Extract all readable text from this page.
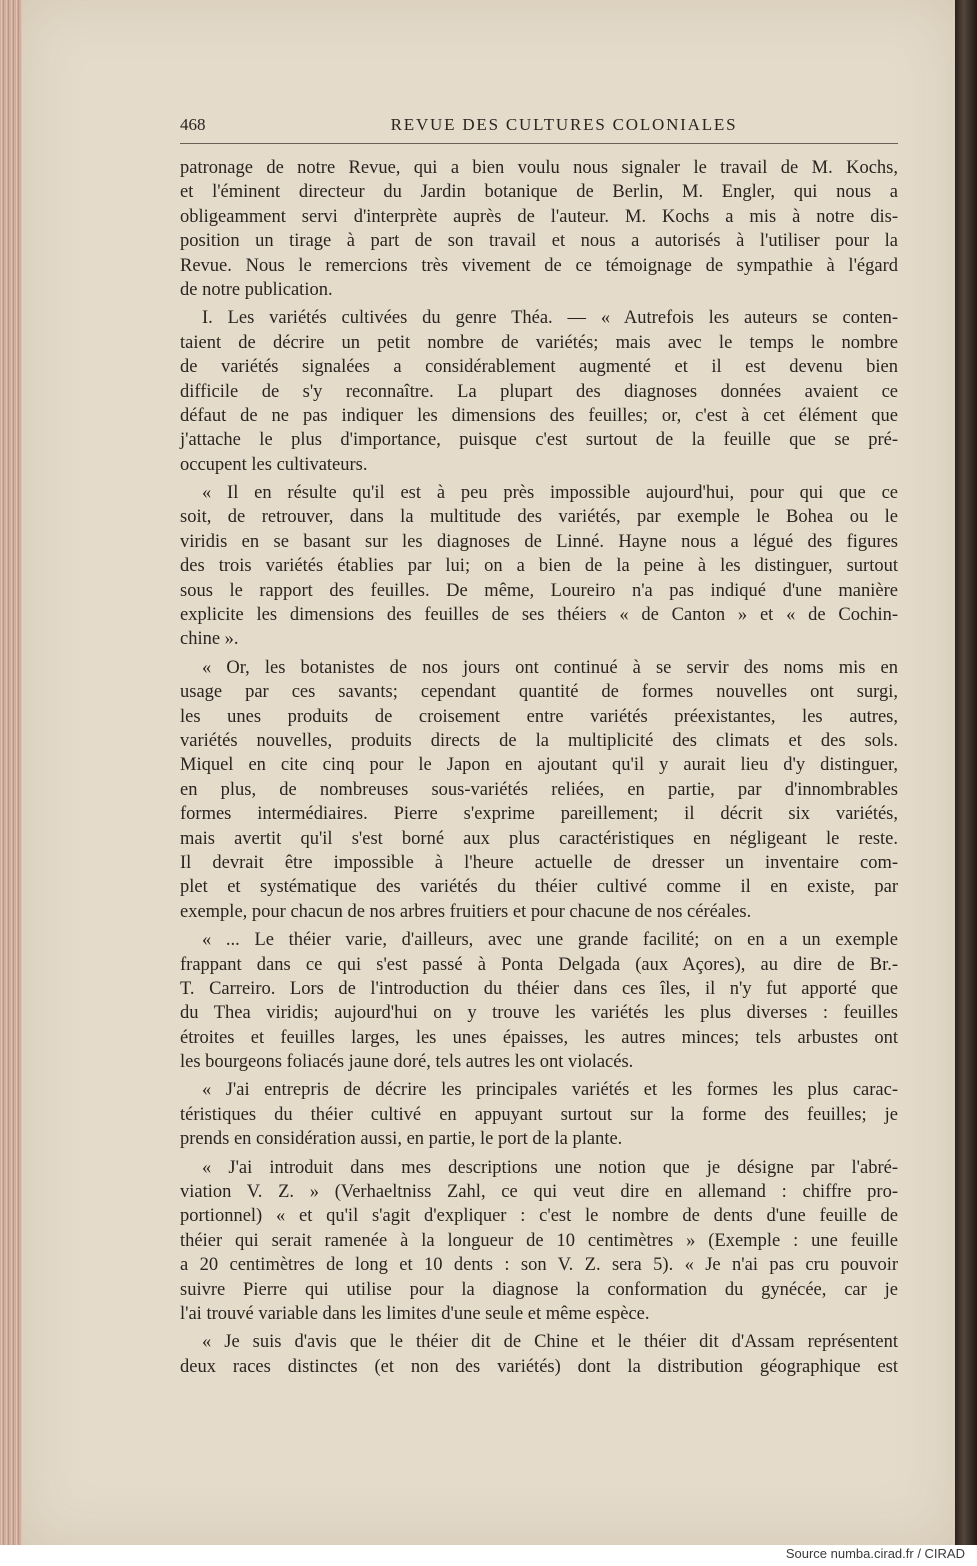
468	REVUE DES CULTURES COLONIALES
patronage de notre Revue, qui a bien voulu nous signaler le travail de M. Kochs,
et l'éminent directeur du Jardin botanique de Berlin, M. Engler, qui nous a
obligeamment servi d'interprète auprès de l'auteur. M. Kochs a mis à notre dis-
position un tirage à part de son travail et nous a autorisés à l'utiliser pour la
Revue. Nous le remercions très vivement de ce témoignage de sympathie à l'égard
de notre publication.
I. Les variétés cultivées du genre Théa. — « Autrefois les auteurs se conten-
taient de décrire un petit nombre de variétés; mais avec le temps le nombre
de variétés signalées a considérablement augmenté et il est devenu bien
difficile de s'y reconnaître. La plupart des diagnoses données avaient ce
défaut de ne pas indiquer les dimensions des feuilles; or, c'est à cet élément que
j'attache le plus d'importance, puisque c'est surtout de la feuille que se pré-
occupent les cultivateurs.
« Il en résulte qu'il est à peu près impossible aujourd'hui, pour qui que ce
soit, de retrouver, dans la multitude des variétés, par exemple le Bohea ou le
viridis en se basant sur les diagnoses de Linné. Hayne nous a légué des figures
des trois variétés établies par lui; on a bien de la peine à les distinguer, surtout
sous le rapport des feuilles. De même, Loureiro n'a pas indiqué d'une manière
explicite les dimensions des feuilles de ses théiers « de Canton » et « de Cochin-
chine ».
« Or, les botanistes de nos jours ont continué à se servir des noms mis en
usage par ces savants; cependant quantité de formes nouvelles ont surgi,
les unes produits de croisement entre variétés préexistantes, les autres,
variétés nouvelles, produits directs de la multiplicité des climats et des sols.
Miquel en cite cinq pour le Japon en ajoutant qu'il y aurait lieu d'y distinguer,
en plus, de nombreuses sous-variétés reliées, en partie, par d'innombrables
formes intermédiaires. Pierre s'exprime pareillement; il décrit six variétés,
mais avertit qu'il s'est borné aux plus caractéristiques en négligeant le reste.
Il devrait être impossible à l'heure actuelle de dresser un inventaire com-
plet et systématique des variétés du théier cultivé comme il en existe, par
exemple, pour chacun de nos arbres fruitiers et pour chacune de nos céréales.
« ... Le théier varie, d'ailleurs, avec une grande facilité; on en a un exemple
frappant dans ce qui s'est passé à Ponta Delgada (aux Açores), au dire de Br.-
T. Carreiro. Lors de l'introduction du théier dans ces îles, il n'y fut apporté que
du Thea viridis; aujourd'hui on y trouve les variétés les plus diverses : feuilles
étroites et feuilles larges, les unes épaisses, les autres minces; tels arbustes ont
les bourgeons foliacés jaune doré, tels autres les ont violacés.
« J'ai entrepris de décrire les principales variétés et les formes les plus carac-
téristiques du théier cultivé en appuyant surtout sur la forme des feuilles; je
prends en considération aussi, en partie, le port de la plante.
« J'ai introduit dans mes descriptions une notion que je désigne par l'abré-
viation V. Z. » (Verhaeltniss Zahl, ce qui veut dire en allemand : chiffre pro-
portionnel) « et qu'il s'agit d'expliquer : c'est le nombre de dents d'une feuille de
théier qui serait ramenée à la longueur de 10 centimètres » (Exemple : une feuille
a 20 centimètres de long et 10 dents : son V. Z. sera 5). « Je n'ai pas cru pouvoir
suivre Pierre qui utilise pour la diagnose la conformation du gynécée, car je
l'ai trouvé variable dans les limites d'une seule et même espèce.
« Je suis d'avis que le théier dit de Chine et le théier dit d'Assam représentent
deux races distinctes (et non des variétés) dont la distribution géographique est
Source numba.cirad.fr / CIRAD
